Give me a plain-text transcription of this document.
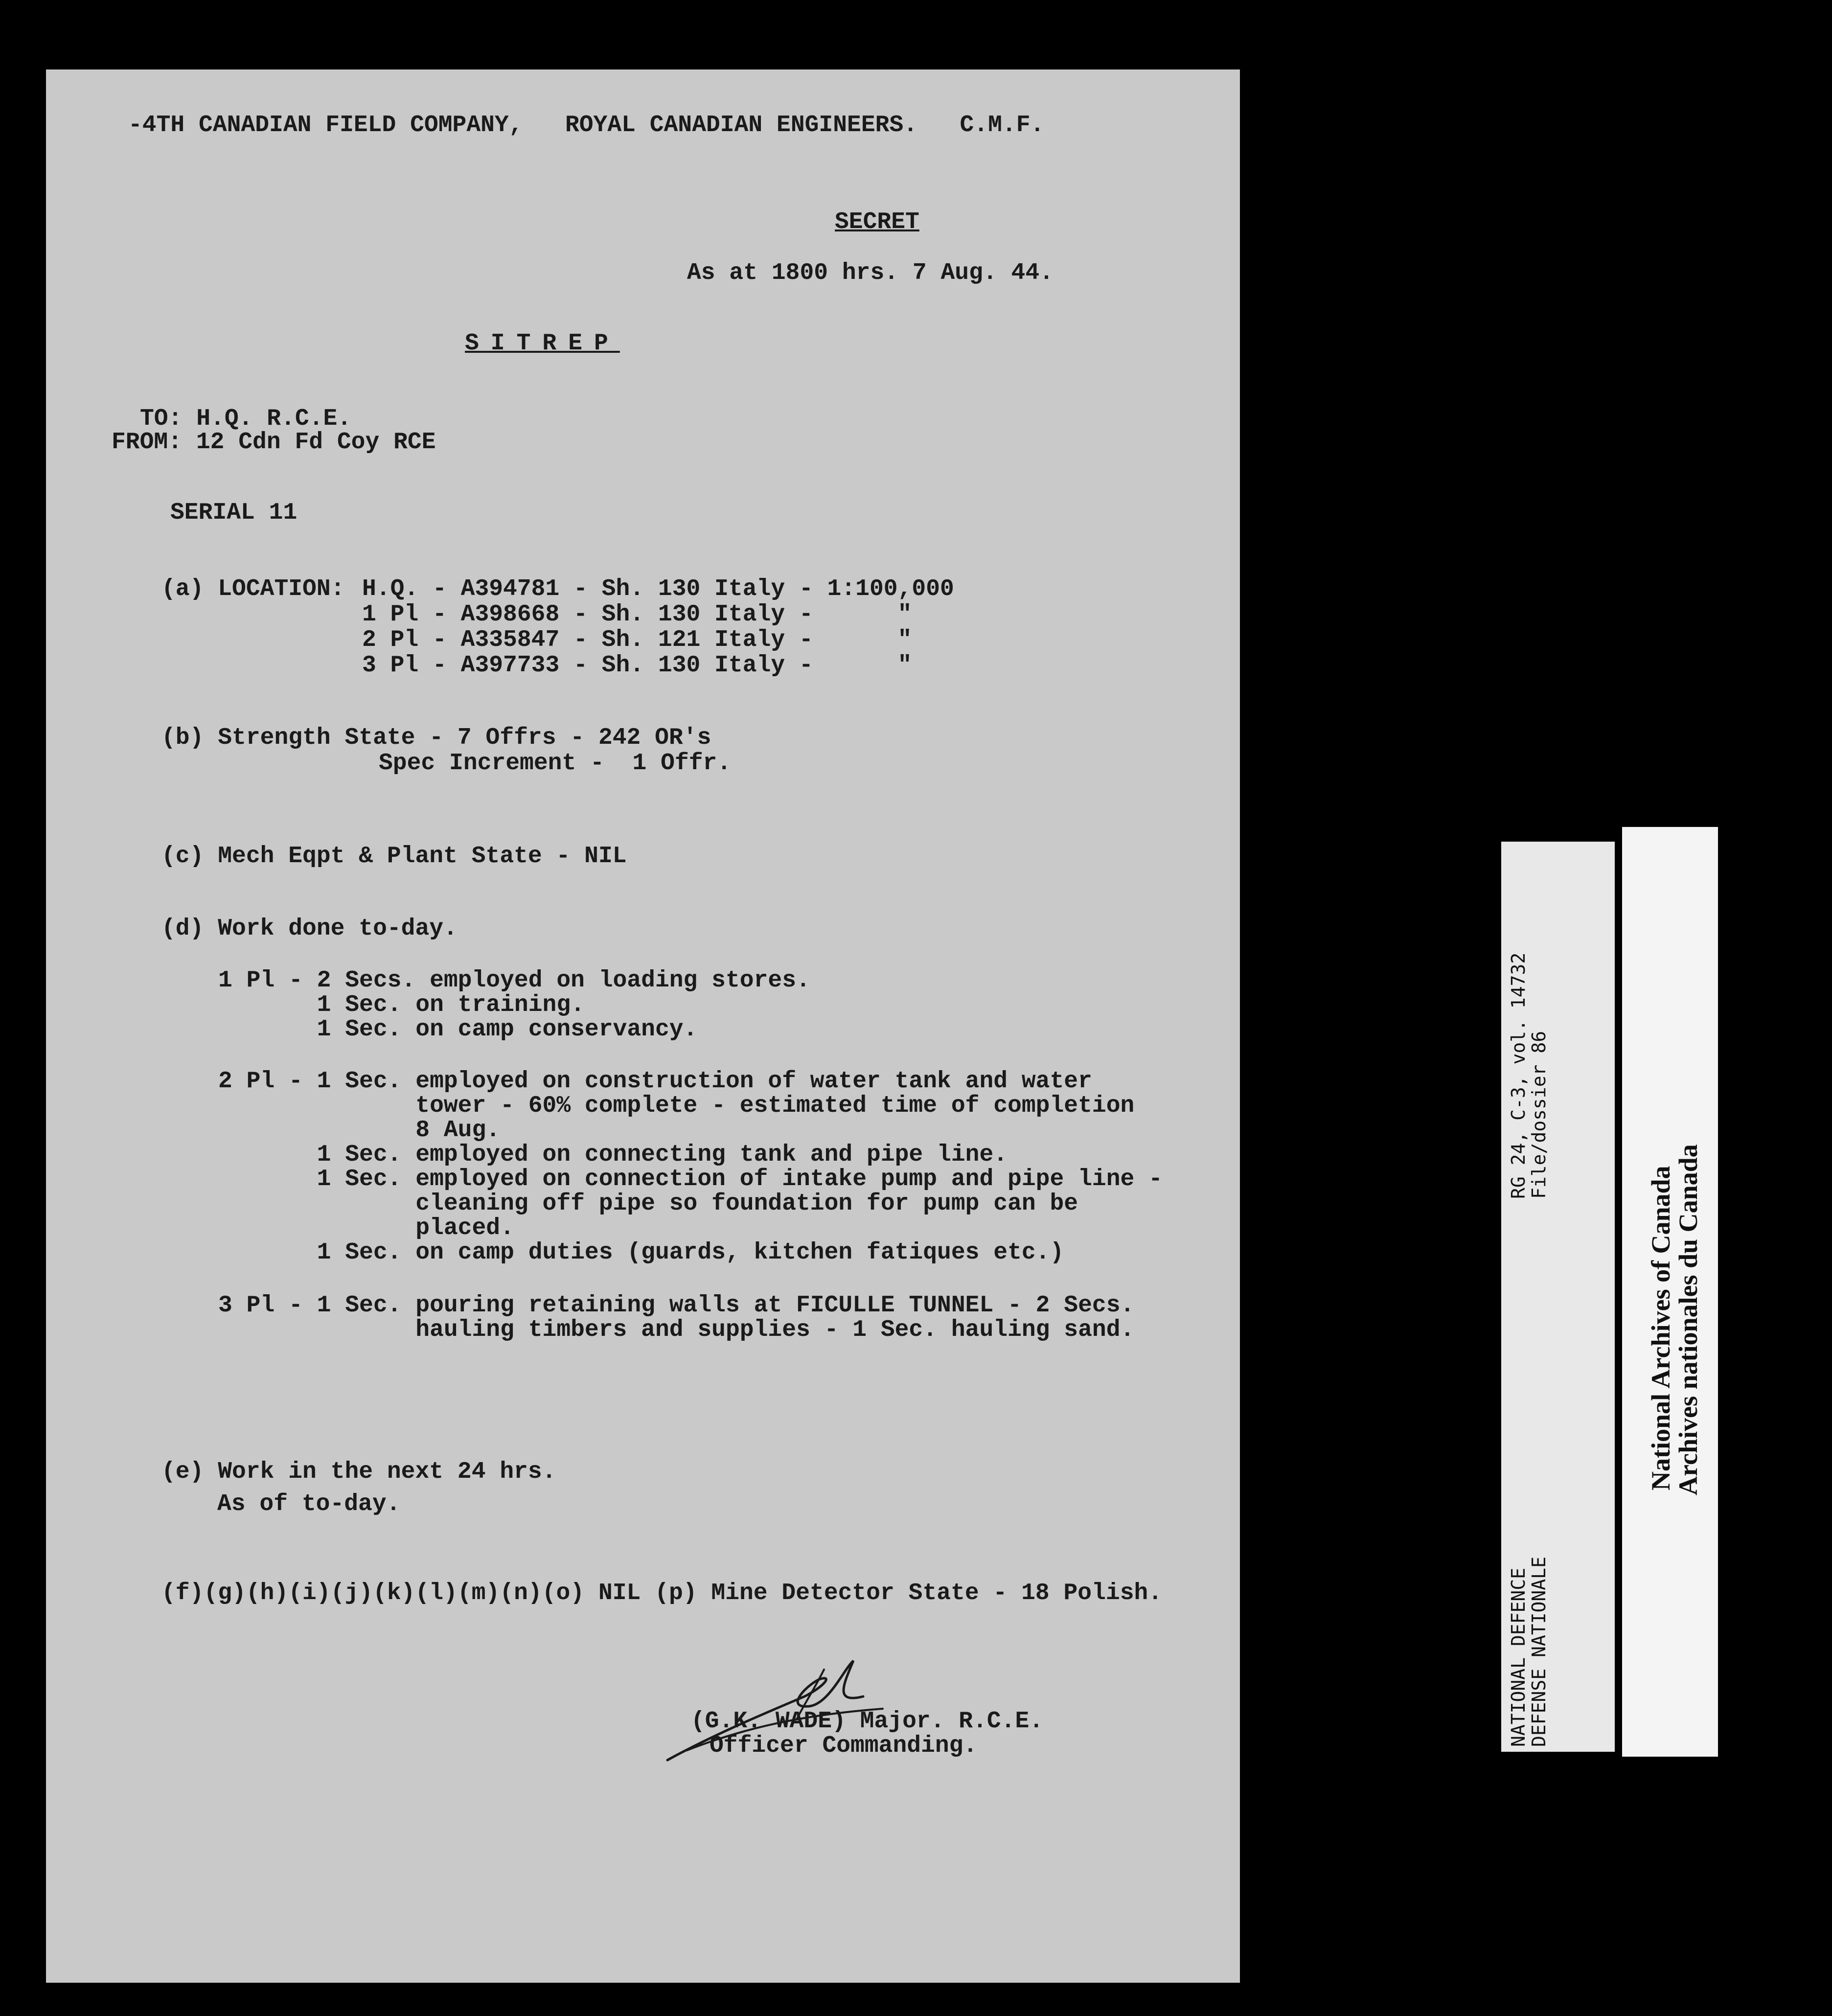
-4TH CANADIAN FIELD COMPANY,   ROYAL CANADIAN ENGINEERS.   C.M.F.
SECRET
As at 1800 hrs. 7 Aug. 44.
SITREP
TO: H.Q. R.C.E.
FROM: 12 Cdn Fd Coy RCE
SERIAL 11
(a) LOCATION: H.Q. - A394781 - Sh. 130 Italy - 1:100,000
1 Pl - A398668 - Sh. 130 Italy -      "
2 Pl - A335847 - Sh. 121 Italy -      "
3 Pl - A397733 - Sh. 130 Italy -      "
(b) Strength State - 7 Offrs - 242 OR's
Spec Increment -  1 Offr.
(c) Mech Eqpt & Plant State - NIL
(d) Work done to-day.
1 Pl - 2 Secs. employed on loading stores.
1 Sec. on training.
1 Sec. on camp conservancy.
2 Pl - 1 Sec. employed on construction of water tank and water
tower - 60% complete - estimated time of completion
8 Aug.
1 Sec. employed on connecting tank and pipe line.
1 Sec. employed on connection of intake pump and pipe line -
cleaning off pipe so foundation for pump can be
placed.
1 Sec. on camp duties (guards, kitchen fatiques etc.)
3 Pl - 1 Sec. pouring retaining walls at FICULLE TUNNEL - 2 Secs.
hauling timbers and supplies - 1 Sec. hauling sand.
(e) Work in the next 24 hrs.
As of to-day.
(f)(g)(h)(i)(j)(k)(l)(m)(n)(o) NIL (p) Mine Detector State - 18 Polish.
(G.K. WADE) Major. R.C.E.
Officer Commanding.
RG 24, C-3, vol. 14732
File/dossier 86
NATIONAL DEFENCE
DEFENSE NATIONALE
National Archives of Canada
Archives nationales du Canada
